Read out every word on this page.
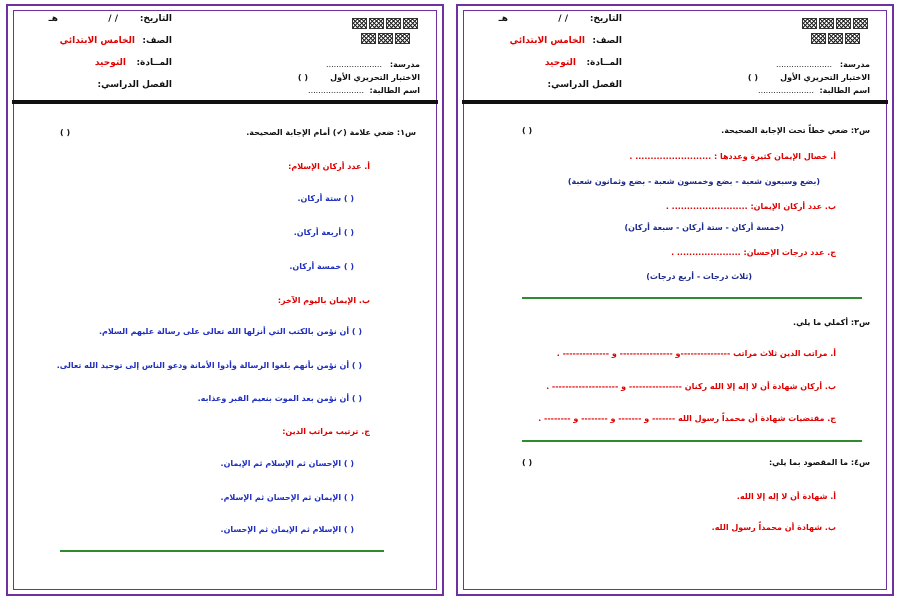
التاريخ:
/ /
هـ
الصف:
الخامس الابتدائي
المــادة:
التوحيد
الفصل الدراسي:
مدرسة:
......................
الاختبار التحريري الأول
( )
اسم الطالبة:
......................
س١: ضعي علامة (✔) أمام الإجابة الصحيحة.
( )
أ. عدد أركان الإسلام:
( ) ستة أركان.
( ) أربعة أركان.
( ) خمسة أركان.
ب. الإيمان باليوم الآخر:
( ) أن نؤمن بالكتب التي أنزلها الله تعالى على رسالة عليهم السلام.
( ) أن نؤمن بأنهم بلغوا الرسالة وأدوا الأمانة ودعو الناس إلى توحيد الله تعالى.
( ) أن نؤمن بعد الموت بنعيم القبر وعذابه.
ج. ترتيب مراتب الدين:
( ) الإحسان ثم الإسلام ثم الإيمان.
( ) الإيمان ثم الإحسان ثم الإسلام.
( ) الإسلام ثم الإيمان ثم الإحسان.
التاريخ:
/ /
هـ
الصف:
الخامس الابتدائي
المــادة:
التوحيد
الفصل الدراسي:
مدرسة:
......................
الاختبار التحريري الأول
( )
اسم الطالبة:
......................
س٢: ضعي خطاً تحت الإجابة الصحيحة.
( )
أ. خصال الإيمان كثيرة وعددها : ......................... .
(بضع وسبعون شعبة - بضع وخمسون شعبة - بضع وثمانون شعبة)
ب. عدد أركان الإيمان: ......................... .
(خمسة أركان - ستة أركان - سبعة أركان)
ج. عدد درجات الإحسان: ..................... .
(ثلاث درجات - أربع درجات)
س٣: أكملي ما يلي.
أ. مراتب الدين ثلاث مراتب ---------------و ---------------- و -------------- .
ب. أركان شهادة أن لا إله إلا الله ركنان ---------------- و -------------------- .
ج. مقتضيات شهادة أن محمداً رسول الله ------- و ------- و -------- و -------- .
س٤: ما المقصود بما يلي:
( )
أ. شهادة أن لا إله إلا الله.
ب. شهادة أن محمداً رسول الله.
